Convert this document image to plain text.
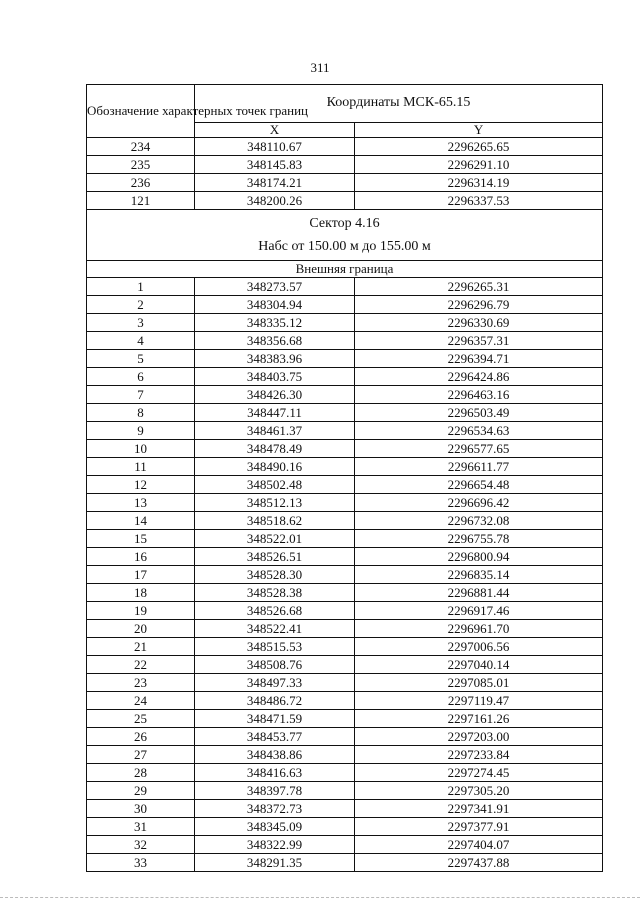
311
Обозначение характерных точек границ	Координаты МСК-65.15	
	X	Y
234	348110.67	2296265.65
235	348145.83	2296291.10
236	348174.21	2296314.19
121	348200.26	2296337.53

Сектор 4.16
Набс от 150.00 м до 155.00 м		

Внешняя граница		
1	348273.57	2296265.31
2	348304.94	2296296.79
3	348335.12	2296330.69
4	348356.68	2296357.31
5	348383.96	2296394.71
6	348403.75	2296424.86
7	348426.30	2296463.16
8	348447.11	2296503.49
9	348461.37	2296534.63
10	348478.49	2296577.65
11	348490.16	2296611.77
12	348502.48	2296654.48
13	348512.13	2296696.42
14	348518.62	2296732.08
15	348522.01	2296755.78
16	348526.51	2296800.94
17	348528.30	2296835.14
18	348528.38	2296881.44
19	348526.68	2296917.46
20	348522.41	2296961.70
21	348515.53	2297006.56
22	348508.76	2297040.14
23	348497.33	2297085.01
24	348486.72	2297119.47
25	348471.59	2297161.26
26	348453.77	2297203.00
27	348438.86	2297233.84
28	348416.63	2297274.45
29	348397.78	2297305.20
30	348372.73	2297341.91
31	348345.09	2297377.91
32	348322.99	2297404.07
33	348291.35	2297437.88
